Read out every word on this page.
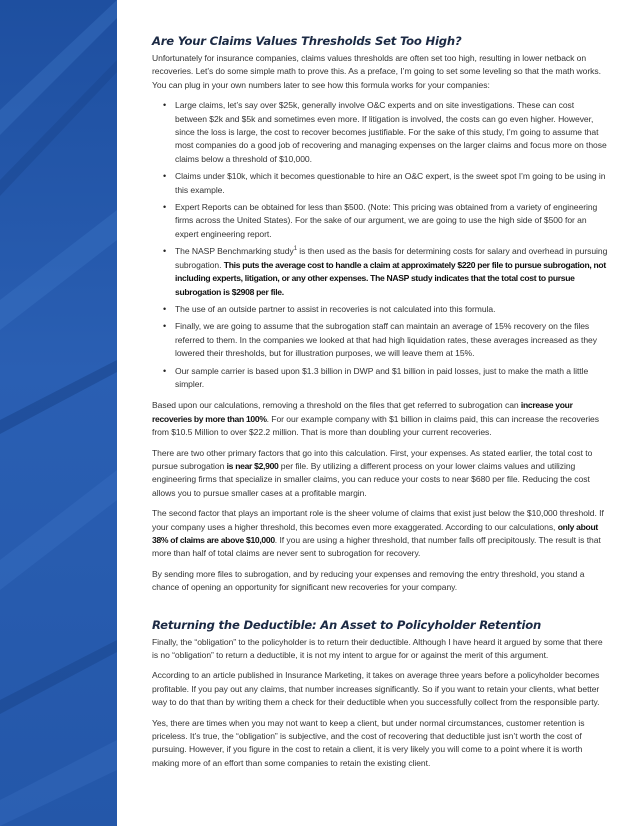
Are Your Claims Values Thresholds Set Too High?

Unfortunately for insurance companies, claims values thresholds are often set too high, resulting in lower netback on recoveries. Let’s do some simple math to prove this. As a preface, I’m going to set some leveling so that the math works. You can plug in your own numbers later to see how this formula works for your companies:

• Large claims, let’s say over $25k, generally involve O&C experts and on site investigations. These can cost between $2k and $5k and sometimes even more. If litigation is involved, the costs can go even higher. However, since the loss is large, the cost to recover becomes justifiable. For the sake of this study, I’m going to assume that most companies do a good job of recovering and managing expenses on the larger claims and focus more on those claims below a threshold of $10,000.
• Claims under $10k, which it becomes questionable to hire an O&C expert, is the sweet spot I’m going to be using in this example.
• Expert Reports can be obtained for less than $500. (Note: This pricing was obtained from a variety of engineering firms across the United States). For the sake of our argument, we are going to use the high side of $500 for an expert engineering report.
• The NASP Benchmarking study$^1$ is then used as the basis for determining costs for salary and overhead in pursuing subrogation. This puts the average cost to handle a claim at approximately $220 per file to pursue subrogation, not including experts, litigation, or any other expenses. The NASP study indicates that the total cost to pursue subrogation is $2908 per file.
• The use of an outside partner to assist in recoveries is not calculated into this formula.
• Finally, we are going to assume that the subrogation staff can maintain an average of 15% recovery on the files referred to them. In the companies we looked at that had high liquidation rates, these averages increased as they lowered their thresholds, but for illustration purposes, we will leave them at 15%.
• Our sample carrier is based upon $1.3 billion in DWP and $1 billion in paid losses, just to make the math a little simpler.

Based upon our calculations, removing a threshold on the files that get referred to subrogation can increase your recoveries by more than 100%. For our example company with $1 billion in claims paid, this can increase the recoveries from $10.5 Million to over $22.2 million. That is more than doubling your current recoveries.

There are two other primary factors that go into this calculation. First, your expenses. As stated earlier, the total cost to pursue subrogation is near $2,900 per file. By utilizing a different process on your lower claims values and utilizing engineering firms that specialize in smaller claims, you can reduce your costs to near $680 per file. Reducing the cost allows you to pursue smaller cases at a profitable margin.

The second factor that plays an important role is the sheer volume of claims that exist just below the $10,000 threshold. If your company uses a higher threshold, this becomes even more exaggerated. According to our calculations, only about 38% of claims are above $10,000. If you are using a higher threshold, that number falls off precipitously. The result is that more than half of total claims are never sent to subrogation for recovery.

By sending more files to subrogation, and by reducing your expenses and removing the entry threshold, you stand a chance of opening an opportunity for significant new recoveries for your company.

Returning the Deductible: An Asset to Policyholder Retention

Finally, the “obligation” to the policyholder is to return their deductible. Although I have heard it argued by some that there is no “obligation” to return a deductible, it is not my intent to argue for or against the merit of this argument.

According to an article published in Insurance Marketing, it takes on average three years before a policyholder becomes profitable. If you pay out any claims, that number increases significantly. So if you want to retain your clients, what better way to do that than by writing them a check for their deductible when you successfully collect from the responsible party.

Yes, there are times when you may not want to keep a client, but under normal circumstances, customer retention is priceless. It’s true, the “obligation” is subjective, and the cost of recovering that deductible just isn’t worth the cost of pursuing. However, if you figure in the cost to retain a client, it is very likely you will come to a point where it is worth making more of an effort than some companies to retain the existing client.
